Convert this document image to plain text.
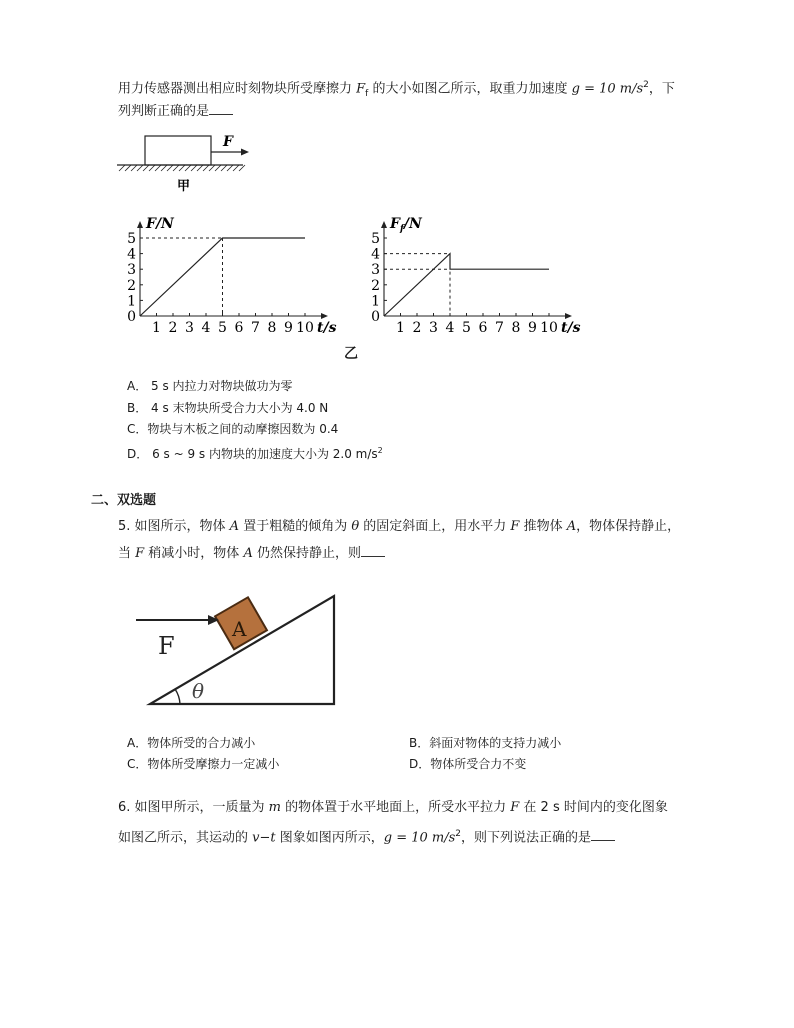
用力传感器测出相应时刻物块所受摩擦力 $F_f$ 的大小如图乙所示，取重力加速度 g = 10 $m/s^2$，下
列判断正确的是
F
甲
1 2 3 4 5 6 7 8 9 10
0
1
2
3
4
5
t/s
F/N
1 2 3 4 5 6 7 8 9 10
0
1
2
3
4
5
t/s
$F_f/N$
乙
A． 5 s 内拉力对物块做功为零
B． 4 s 末物块所受合力大小为 4.0 N
C．物块与木板之间的动摩擦因数为 0.4
D． 6 s ~ 9 s 内物块的加速度大小为 2.0 $m/s^2$
二、双选题
5. 如图所示，物体 A 置于粗糙的倾角为 θ 的固定斜面上，用水平力 F 推物体 A，物体保持静止，
当 F 稍减小时，物体 A 仍然保持静止，则
θ
A
F
A．物体所受的合力减小	B．斜面对物体的支持力减小
C．物体所受摩擦力一定减小	D．物体所受合力不变
6. 如图甲所示，一质量为 m 的物体置于水平地面上，所受水平拉力 F 在 2 s 时间内的变化图象
如图乙所示，其运动的 v−t 图象如图丙所示，g = 10 $m/s^2$，则下列说法正确的是
